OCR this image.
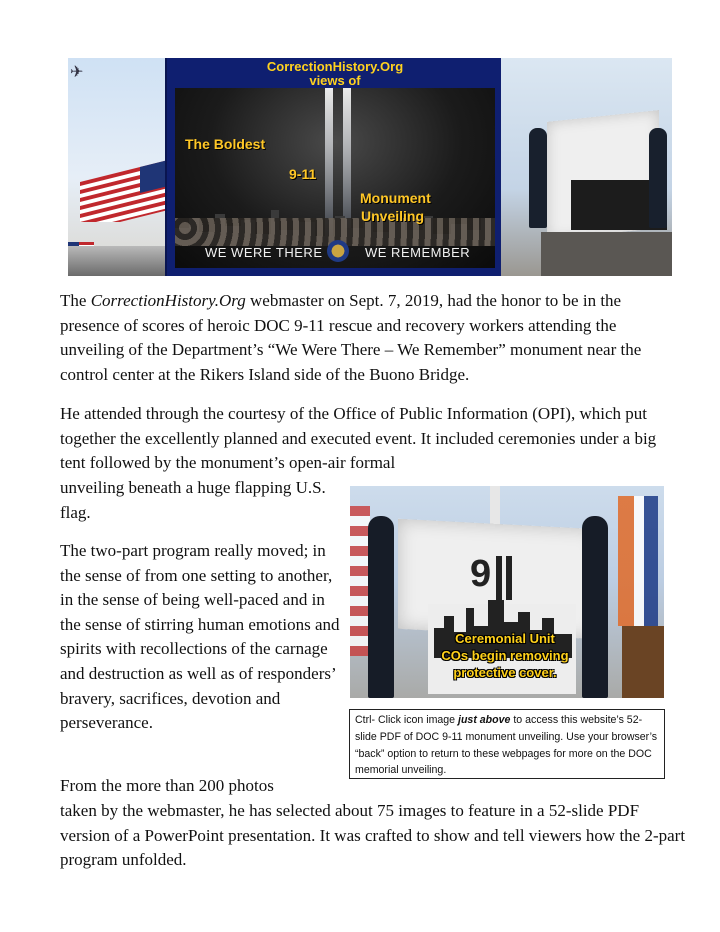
✈	CorrectionHistory.Org
views of
The Boldest
9-11
Monument
Unveiling
WE WERE THERE	WE REMEMBER

The CorrectionHistory.Org webmaster on Sept. 7, 2019, had the honor to be in the presence of scores of heroic DOC 9-11 rescue and recovery workers attending the unveiling of the Department’s “We Were There – We Remember” monument near the control center at the Rikers Island side of the Buono Bridge.

He attended through the courtesy of the Office of Public Information (OPI), which put together the excellently planned and executed event. It included ceremonies under a big tent followed by the monument’s open-air formal

unveiling beneath a huge flapping U.S. flag.

9
Ceremonial Unit
COs begin removing
protective cover.

The two-part program really moved; in the sense of from one setting to another, in the sense of being well-paced and in the sense of stirring human emotions and spirits with recollections of the carnage and destruction as well as of responders’ bravery, sacrifices, devotion and perseverance.	Ctrl- Click icon image just above to access this website’s 52-slide PDF of DOC 9-11 monument unveiling. Use your browser’s “back” option to return to these webpages for more on the DOC memorial unveiling.

From the more than 200 photos

taken by the webmaster, he has selected about 75 images to feature in a 52-slide PDF version of a PowerPoint presentation. It was crafted to show and tell viewers how the 2-part program unfolded.
